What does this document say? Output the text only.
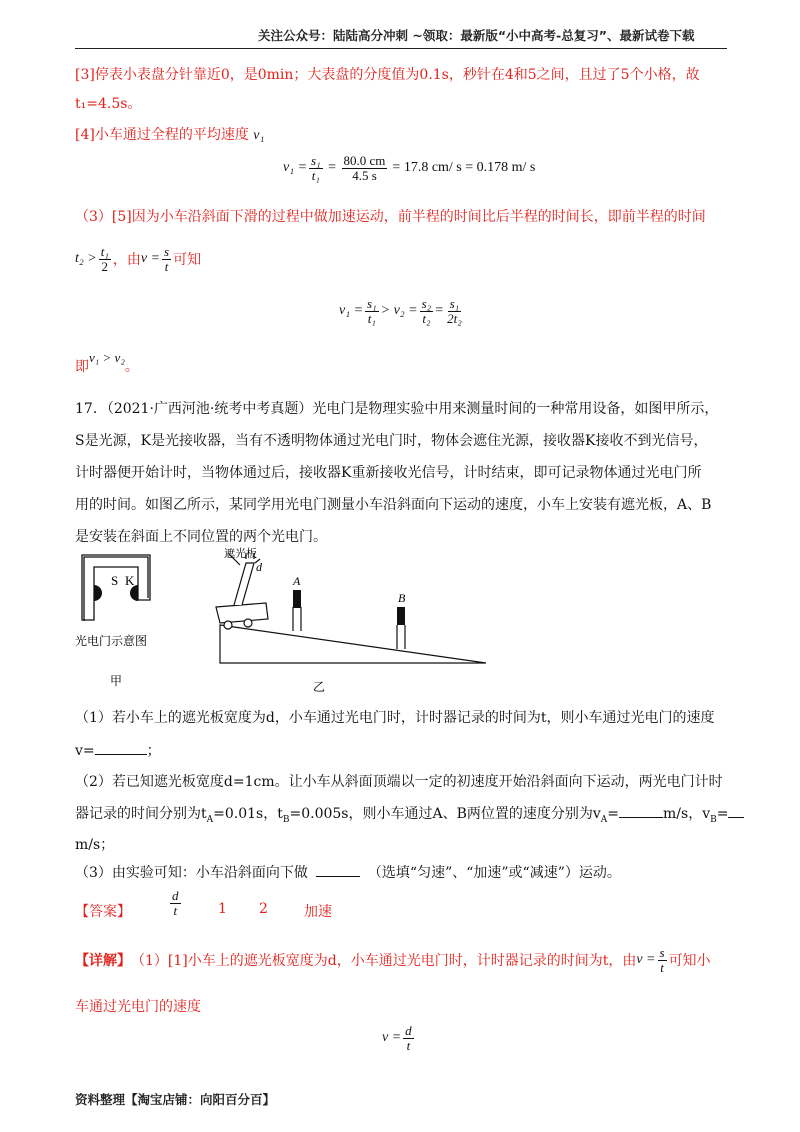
关注公众号：陆陆高分冲刺 ~领取：最新版“小中高考-总复习”、最新试卷下载
[3]停表小表盘分针靠近0，是0min；大表盘的分度值为0.1s，秒针在4和5之间，且过了5个小格，故
t₁=4.5s。
[4]小车通过全程的平均速度 v₁
$v_1 = \frac{\text{s₁}}{\text{t₁}} = \frac{80.0 cm}{4.5 s} = 17.8$ cm/ s = 0.178 m/ s
（3）[5]因为小车沿斜面下滑的过程中做加速运动，前半程的时间比后半程的时间长，即前半程的时间
$t_2 > \frac{\text{t₁}}{2}$ ，由 $v = \frac{s}{t}$ 可知
$v_1 = \frac{\text{s₁}}{\text{t₁}} > v_2 = \frac{\text{s₂}}{\text{t₂}} = \frac{\text{s₁}}{\text{2t₂}}$
即
v₁ > v₂
。
17．（2021·广西河池·统考中考真题）光电门是物理实验中用来测量时间的一种常用设备，如图甲所示，
S是光源，K是光接收器，当有不透明物体通过光电门时，物体会遮住光源，接收器K接收不到光信号，
计时器便开始计时，当物体通过后，接收器K重新接收光信号，计时结束，即可记录物体通过光电门所
用的时间。如图乙所示，某同学用光电门测量小车沿斜面向下运动的速度，小车上安装有遮光板，A、B
是安装在斜面上不同位置的两个光电门。
S K
光电门示意图
甲
遮光板
d
A
B
乙
（1）若小车上的遮光板宽度为d，小车通过光电门时，计时器记录的时间为t，则小车通过光电门的速度
v=	；
（2）若已知遮光板宽度d=1cm。让小车从斜面顶端以一定的初速度开始沿斜面向下运动，两光电门计时
器记录的时间分别为$t_A=0.01s$，$t_B=0.005s$，则小车通过A、B两位置的速度分别为$v_A=$	m/s，$v_B=$
m/s；
（3）由实验可知：小车沿斜面向下做	（选填“匀速”、“加速”或“减速”）运动。
【答案】	$\frac{d}{t}$	1 2	加速
【详解】 （1）[1]小车上的遮光板宽度为d，小车通过光电门时，计时器记录的时间为t，由 $v = \frac{s}{t}$ 可知小
车通过光电门的速度
$v = \frac{d}{t}$
资料整理【淘宝店铺：向阳百分百】
